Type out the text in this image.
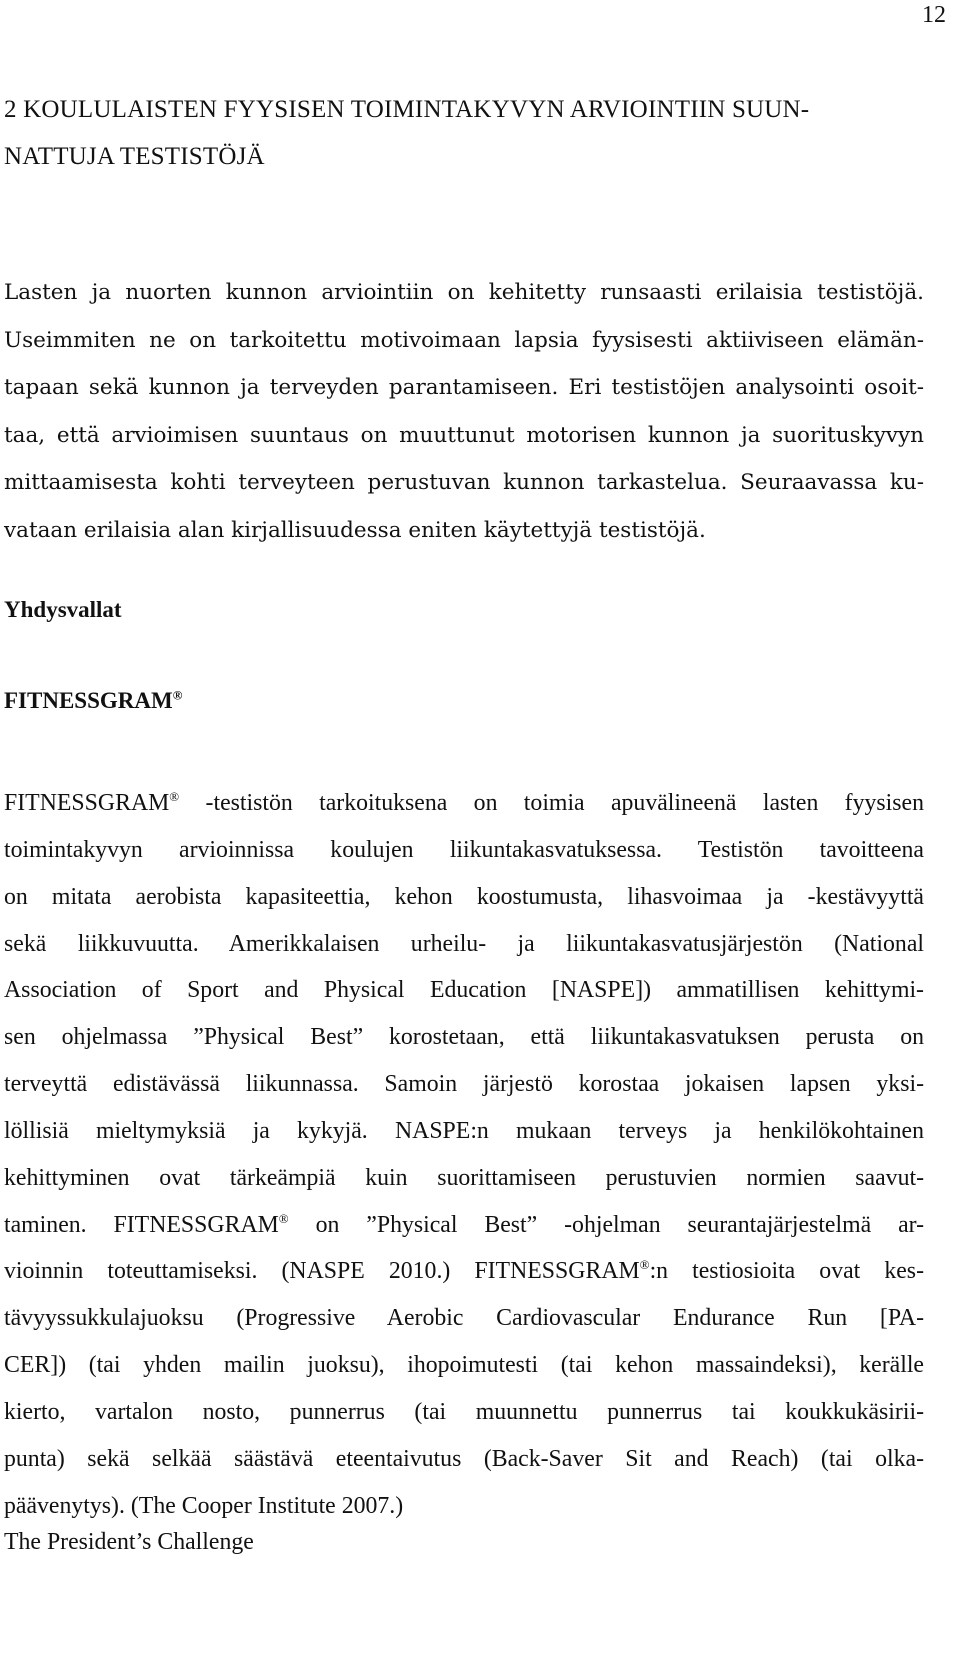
12
2 KOULULAISTEN FYYSISEN TOIMINTAKYVYN ARVIOINTIIN SUUN-
NATTUJA TESTISTÖJÄ

Lasten ja nuorten kunnon arviointiin on kehitetty runsaasti erilaisia testistöjä.
Useimmiten ne on tarkoitettu motivoimaan lapsia fyysisesti aktiiviseen elämän-
tapaan sekä kunnon ja terveyden parantamiseen. Eri testistöjen analysointi osoit-
taa, että arvioimisen suuntaus on muuttunut motorisen kunnon ja suorituskyvyn
mittaamisesta kohti terveyteen perustuvan kunnon tarkastelua. Seuraavassa ku-
vataan erilaisia alan kirjallisuudessa eniten käytettyjä testistöjä.

Yhdysvallat
FITNESSGRAM®

FITNESSGRAM® -testistön tarkoituksena on toimia apuvälineenä lasten fyysisen
toimintakyvyn arvioinnissa koulujen liikuntakasvatuksessa. Testistön tavoitteena
on mitata aerobista kapasiteettia, kehon koostumusta, lihasvoimaa ja -kestävyyttä
sekä liikkuvuutta. Amerikkalaisen urheilu- ja liikuntakasvatusjärjestön (National
Association of Sport and Physical Education [NASPE]) ammatillisen kehittymi-
sen ohjelmassa ”Physical Best” korostetaan, että liikuntakasvatuksen perusta on
terveyttä edistävässä liikunnassa. Samoin järjestö korostaa jokaisen lapsen yksi-
löllisiä mieltymyksiä ja kykyjä. NASPE:n mukaan terveys ja henkilökohtainen
kehittyminen ovat tärkeämpiä kuin suorittamiseen perustuvien normien saavut-
taminen. FITNESSGRAM® on ”Physical Best” -ohjelman seurantajärjestelmä ar-
vioinnin toteuttamiseksi. (NASPE 2010.) FITNESSGRAM®:n testiosioita ovat kes-
tävyyssukkulajuoksu (Progressive Aerobic Cardiovascular Endurance Run [PA-
CER]) (tai yhden mailin juoksu), ihopoimutesti (tai kehon massaindeksi), kerälle
kierto, vartalon nosto, punnerrus (tai muunnettu punnerrus tai koukkukäsirii-
punta) sekä selkää säästävä eteentaivutus (Back-Saver Sit and Reach) (tai olka-
päävenytys). (The Cooper Institute 2007.)

The President’s Challenge
